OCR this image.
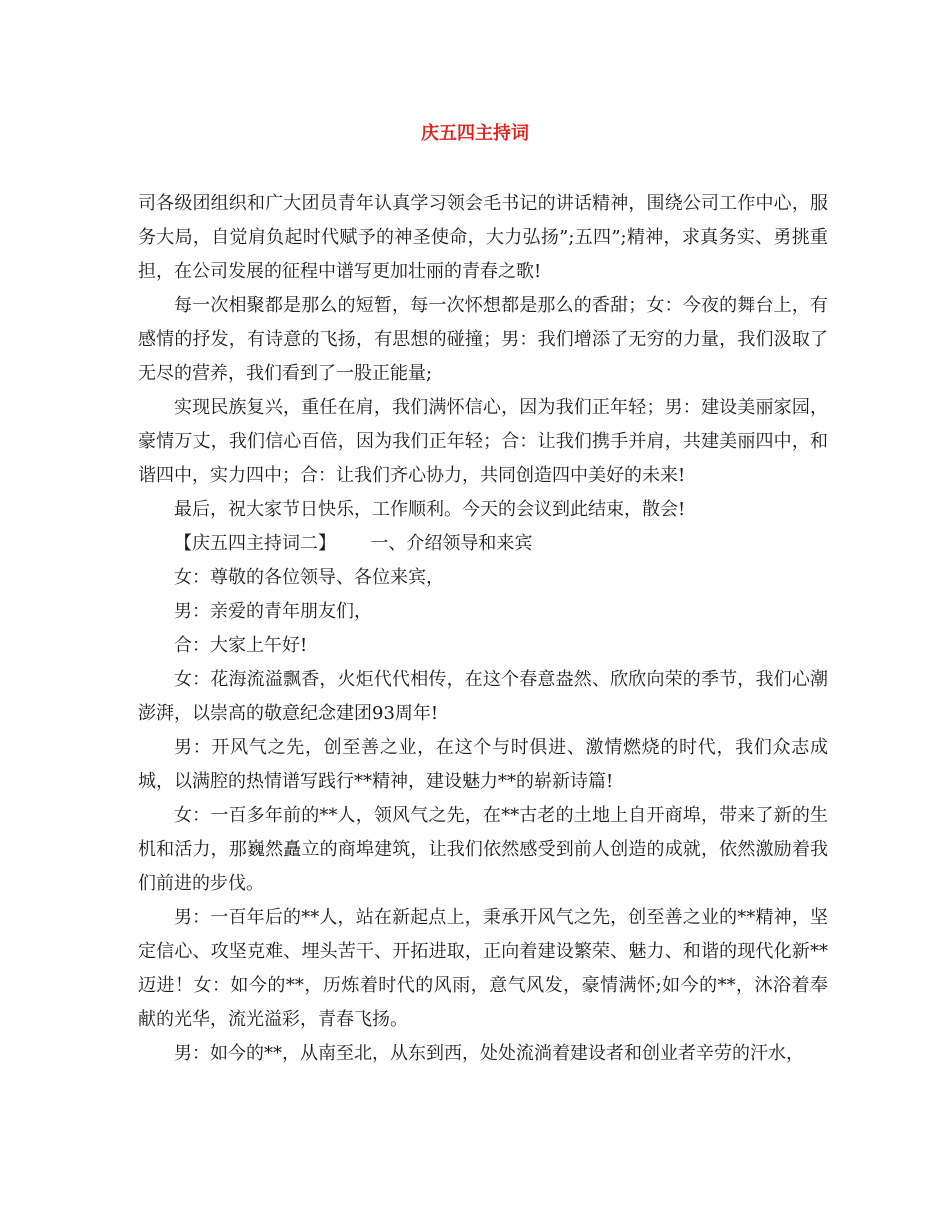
庆五四主持词

司各级团组织和广大团员青年认真学习领会毛书记的讲话精神，围绕公司工作中心，服务大局，自觉肩负起时代赋予的神圣使命，大力弘扬”;五四”;精神，求真务实、勇挑重担，在公司发展的征程中谱写更加壮丽的青春之歌!

每一次相聚都是那么的短暂，每一次怀想都是那么的香甜；女：今夜的舞台上，有感情的抒发，有诗意的飞扬，有思想的碰撞；男：我们增添了无穷的力量，我们汲取了无尽的营养，我们看到了一股正能量;

实现民族复兴，重任在肩，我们满怀信心，因为我们正年轻；男：建设美丽家园，豪情万丈，我们信心百倍，因为我们正年轻；合：让我们携手并肩，共建美丽四中，和谐四中，实力四中；合：让我们齐心协力，共同创造四中美好的未来!

最后，祝大家节日快乐，工作顺利。今天的会议到此结束，散会!

【庆五四主持词二】      一、介绍领导和来宾

女：尊敬的各位领导、各位来宾，

男：亲爱的青年朋友们，

合：大家上午好!

女：花海流溢飘香，火炬代代相传，在这个春意盎然、欣欣向荣的季节，我们心潮澎湃，以崇高的敬意纪念建团93周年!

男：开风气之先，创至善之业，在这个与时俱进、激情燃烧的时代，我们众志成城，以满腔的热情谱写践行**精神，建设魅力**的崭新诗篇!

女：一百多年前的**人，领风气之先，在**古老的土地上自开商埠，带来了新的生机和活力，那巍然矗立的商埠建筑，让我们依然感受到前人创造的成就，依然激励着我们前进的步伐。

男：一百年后的**人，站在新起点上，秉承开风气之先，创至善之业的**精神，坚定信心、攻坚克难、埋头苦干、开拓进取，正向着建设繁荣、魅力、和谐的现代化新**迈进！女：如今的**，历炼着时代的风雨，意气风发，豪情满怀;如今的**，沐浴着奉献的光华，流光溢彩，青春飞扬。

男：如今的**，从南至北，从东到西，处处流淌着建设者和创业者辛劳的汗水，
